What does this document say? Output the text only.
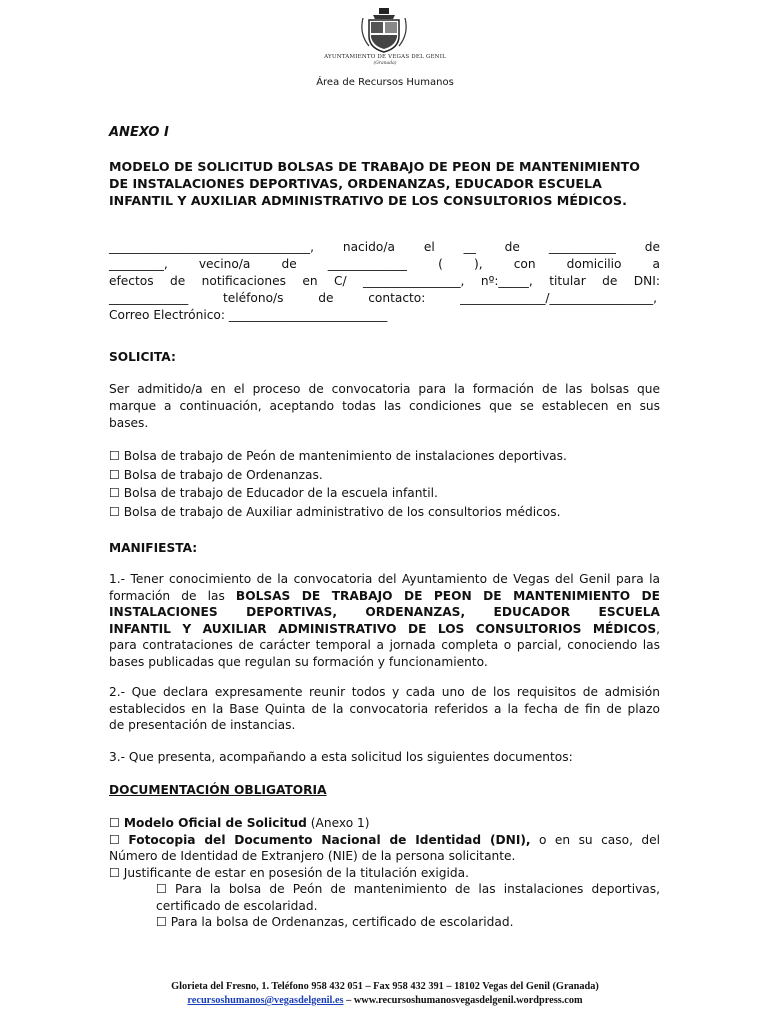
AYUNTAMIENTO DE VEGAS DEL GENIL
(Granada)
Área de Recursos Humanos
ANEXO I
MODELO DE SOLICITUD BOLSAS DE TRABAJO DE PEON DE MANTENIMIENTO
DE INSTALACIONES DEPORTIVAS, ORDENANZAS, EDUCADOR ESCUELA
INFANTIL Y AUXILIAR ADMINISTRATIVO DE LOS CONSULTORIOS MÉDICOS.
_________________________________, nacido/a el __ de ___________ de
_________, vecino/a de _____________ ( ), con domicilio a
efectos de notificaciones en C/ ________________, nº:_____, titular de DNI:
_____________ teléfono/s de contacto: ______________/_________________,
Correo Electrónico: __________________________
SOLICITA:
Ser admitido/a en el proceso de convocatoria para la formación de las bolsas que
marque a continuación, aceptando todas las condiciones que se establecen en sus
bases.
☐ Bolsa de trabajo de Peón de mantenimiento de instalaciones deportivas.
☐ Bolsa de trabajo de Ordenanzas.
☐ Bolsa de trabajo de Educador de la escuela infantil.
☐ Bolsa de trabajo de Auxiliar administrativo de los consultorios médicos.
MANIFIESTA:
1.- Tener conocimiento de la convocatoria del Ayuntamiento de Vegas del Genil para la
formación de las BOLSAS DE TRABAJO DE PEON DE MANTENIMIENTO DE
INSTALACIONES DEPORTIVAS, ORDENANZAS, EDUCADOR ESCUELA
INFANTIL Y AUXILIAR ADMINISTRATIVO DE LOS CONSULTORIOS MÉDICOS,
para contrataciones de carácter temporal a jornada completa o parcial, conociendo las
bases publicadas que regulan su formación y funcionamiento.
2.- Que declara expresamente reunir todos y cada uno de los requisitos de admisión
establecidos en la Base Quinta de la convocatoria referidos a la fecha de fin de plazo
de presentación de instancias.
3.- Que presenta, acompañando a esta solicitud los siguientes documentos:
DOCUMENTACIÓN OBLIGATORIA
☐ Modelo Oficial de Solicitud (Anexo 1)
☐ Fotocopia del Documento Nacional de Identidad (DNI), o en su caso, del
Número de Identidad de Extranjero (NIE) de la persona solicitante.
☐ Justificante de estar en posesión de la titulación exigida.
☐ Para la bolsa de Peón de mantenimiento de las instalaciones deportivas,
certificado de escolaridad.
☐ Para la bolsa de Ordenanzas, certificado de escolaridad.
Glorieta del Fresno, 1. Teléfono 958 432 051 – Fax 958 432 391 – 18102 Vegas del Genil (Granada)
recursoshumanos@vegasdelgenil.es – www.recursoshumanosvegasdelgenil.wordpress.com
